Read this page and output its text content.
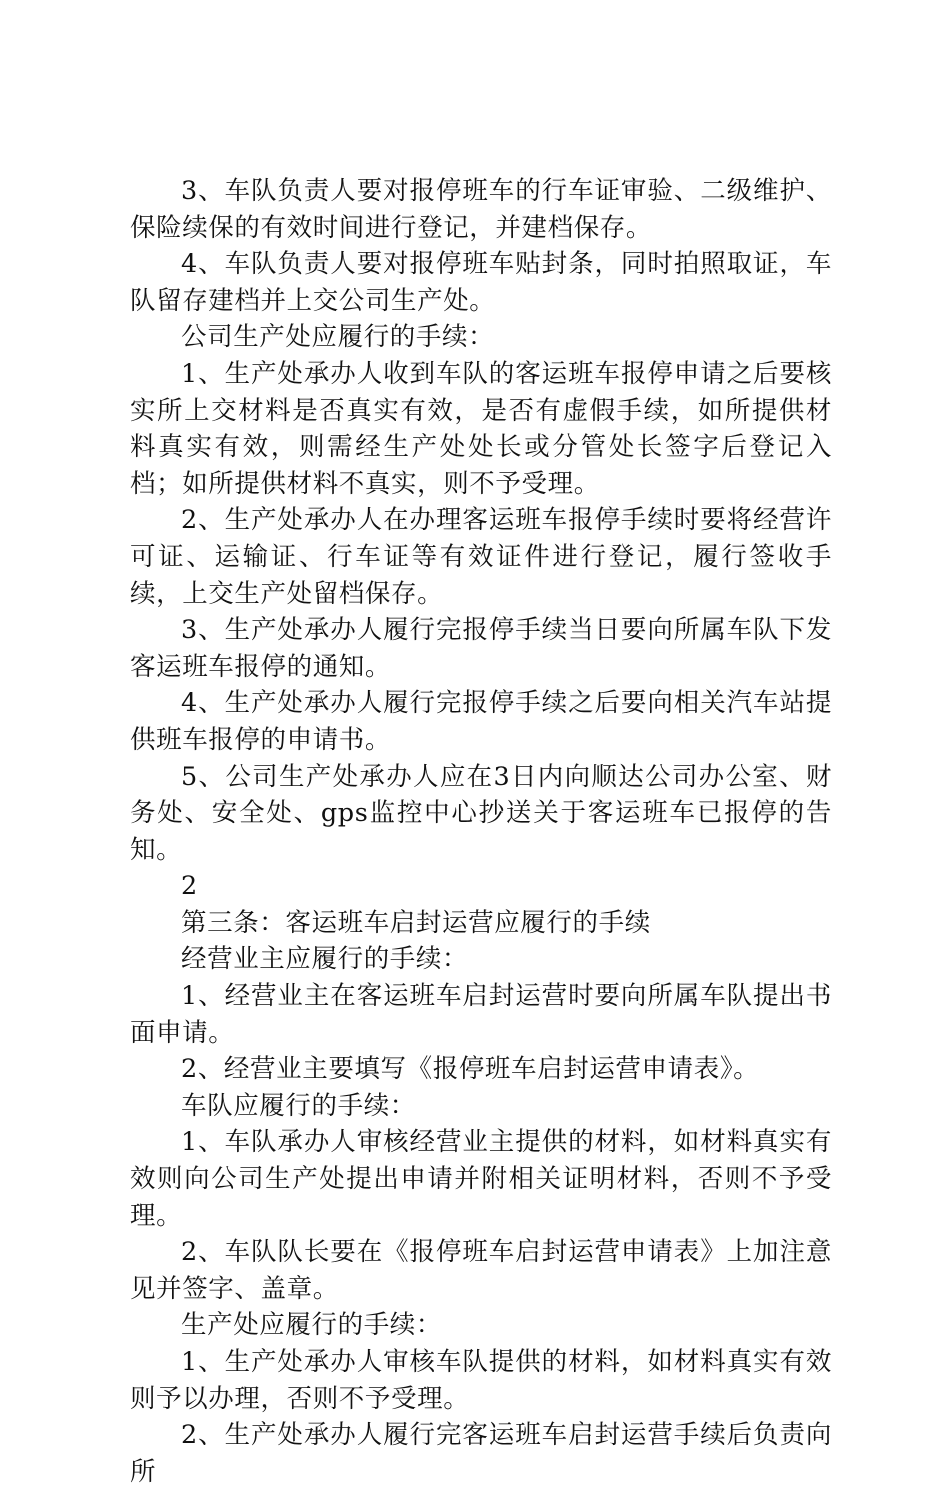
3、车队负责人要对报停班车的行车证审验、二级维护、保险续保的有效时间进行登记，并建档保存。

4、车队负责人要对报停班车贴封条，同时拍照取证，车队留存建档并上交公司生产处。

公司生产处应履行的手续：

1、生产处承办人收到车队的客运班车报停申请之后要核实所上交材料是否真实有效，是否有虚假手续，如所提供材料真实有效，则需经生产处处长或分管处长签字后登记入档；如所提供材料不真实，则不予受理。

2、生产处承办人在办理客运班车报停手续时要将经营许可证、运输证、行车证等有效证件进行登记，履行签收手续，上交生产处留档保存。

3、生产处承办人履行完报停手续当日要向所属车队下发客运班车报停的通知。

4、生产处承办人履行完报停手续之后要向相关汽车站提供班车报停的申请书。

5、公司生产处承办人应在3日内向顺达公司办公室、财务处、安全处、gps监控中心抄送关于客运班车已报停的告知。

2

第三条：客运班车启封运营应履行的手续

经营业主应履行的手续：

1、经营业主在客运班车启封运营时要向所属车队提出书面申请。

2、经营业主要填写《报停班车启封运营申请表》。

车队应履行的手续：

1、车队承办人审核经营业主提供的材料，如材料真实有效则向公司生产处提出申请并附相关证明材料，否则不予受理。

2、车队队长要在《报停班车启封运营申请表》上加注意见并签字、盖章。

生产处应履行的手续：

1、生产处承办人审核车队提供的材料，如材料真实有效则予以办理，否则不予受理。

2、生产处承办人履行完客运班车启封运营手续后负责向所
